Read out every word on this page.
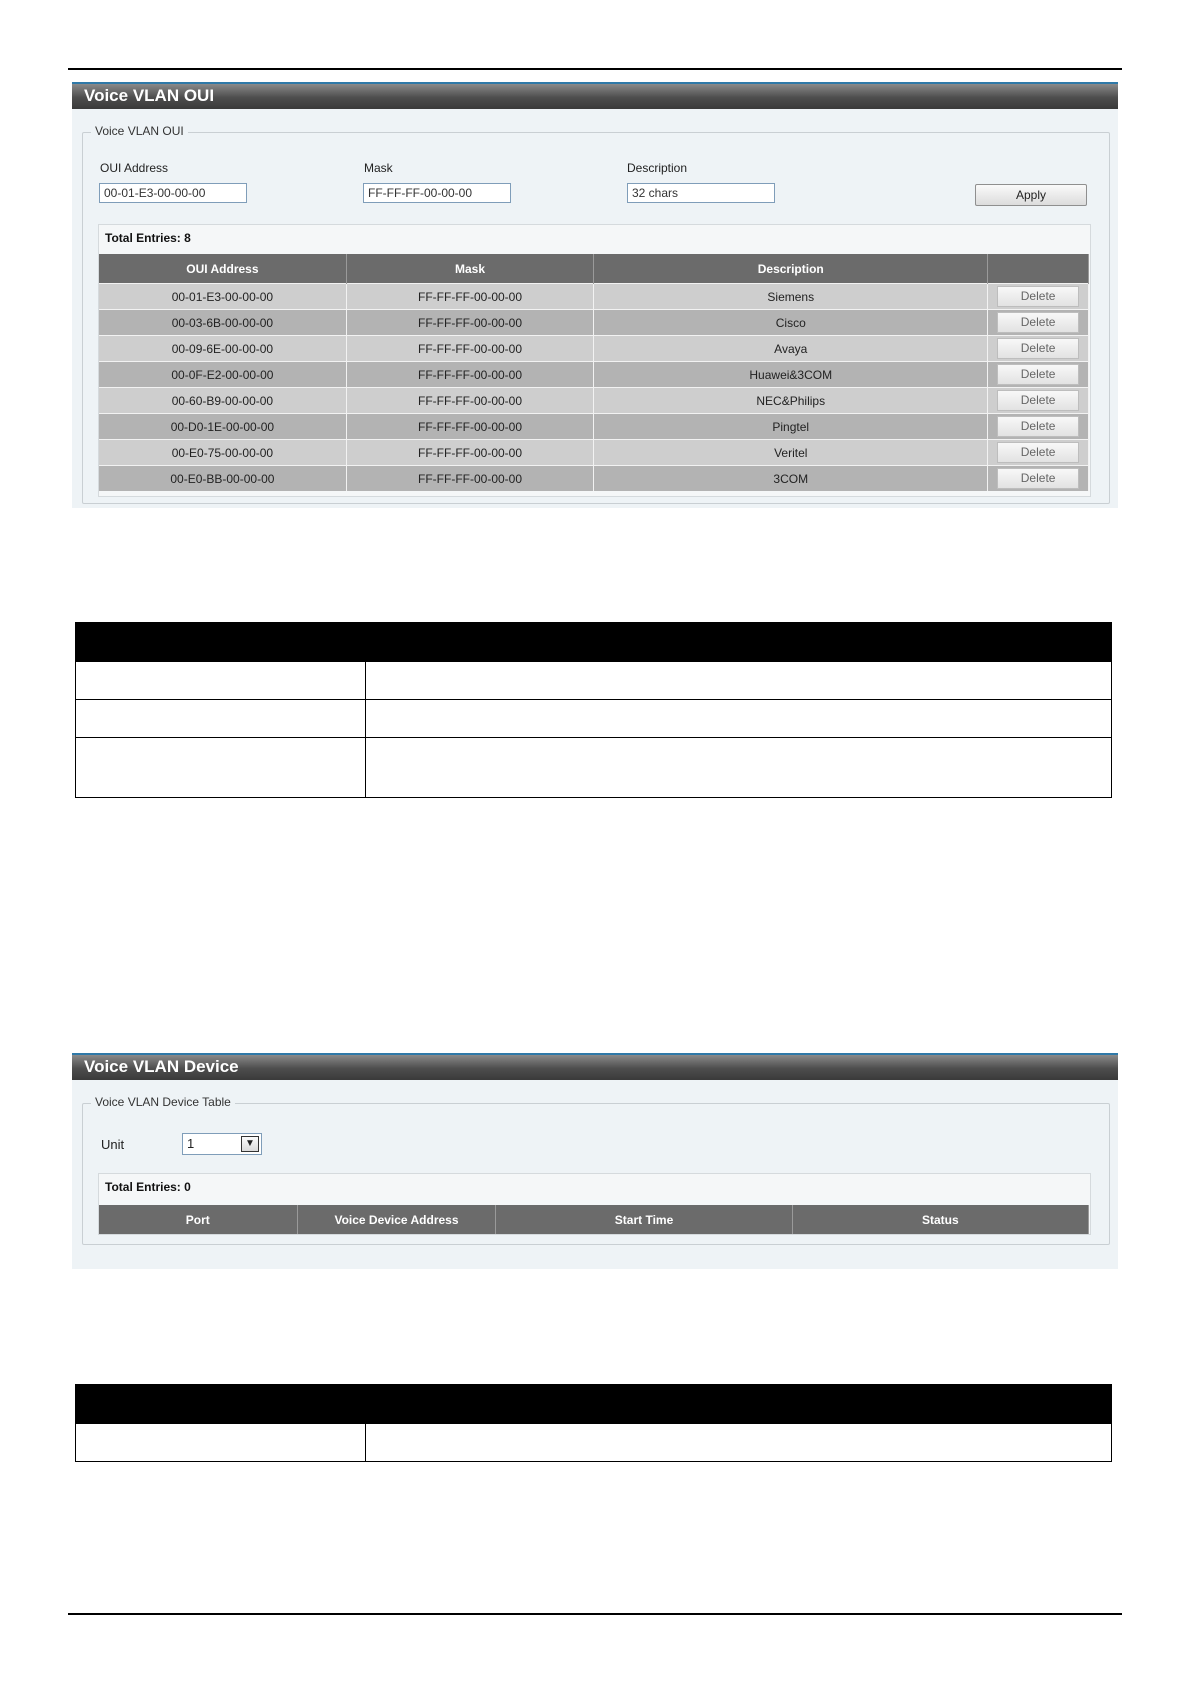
Voice VLAN OUI
Voice VLAN OUI
OUI Address	Mask	Description
00-01-E3-00-00-00	FF-FF-FF-00-00-00	32 chars	Apply
Total Entries: 8
OUI Address	Mask	Description	
00-01-E3-00-00-00	FF-FF-FF-00-00-00	Siemens	Delete
00-03-6B-00-00-00	FF-FF-FF-00-00-00	Cisco	Delete
00-09-6E-00-00-00	FF-FF-FF-00-00-00	Avaya	Delete
00-0F-E2-00-00-00	FF-FF-FF-00-00-00	Huawei&3COM	Delete
00-60-B9-00-00-00	FF-FF-FF-00-00-00	NEC&Philips	Delete
00-D0-1E-00-00-00	FF-FF-FF-00-00-00	Pingtel	Delete
00-E0-75-00-00-00	FF-FF-FF-00-00-00	Veritel	Delete
00-E0-BB-00-00-00	FF-FF-FF-00-00-00	3COM	Delete

Voice VLAN Device
Voice VLAN Device Table
Unit	1	▼
Total Entries: 0
Port	Voice Device Address	Start Time	Status
